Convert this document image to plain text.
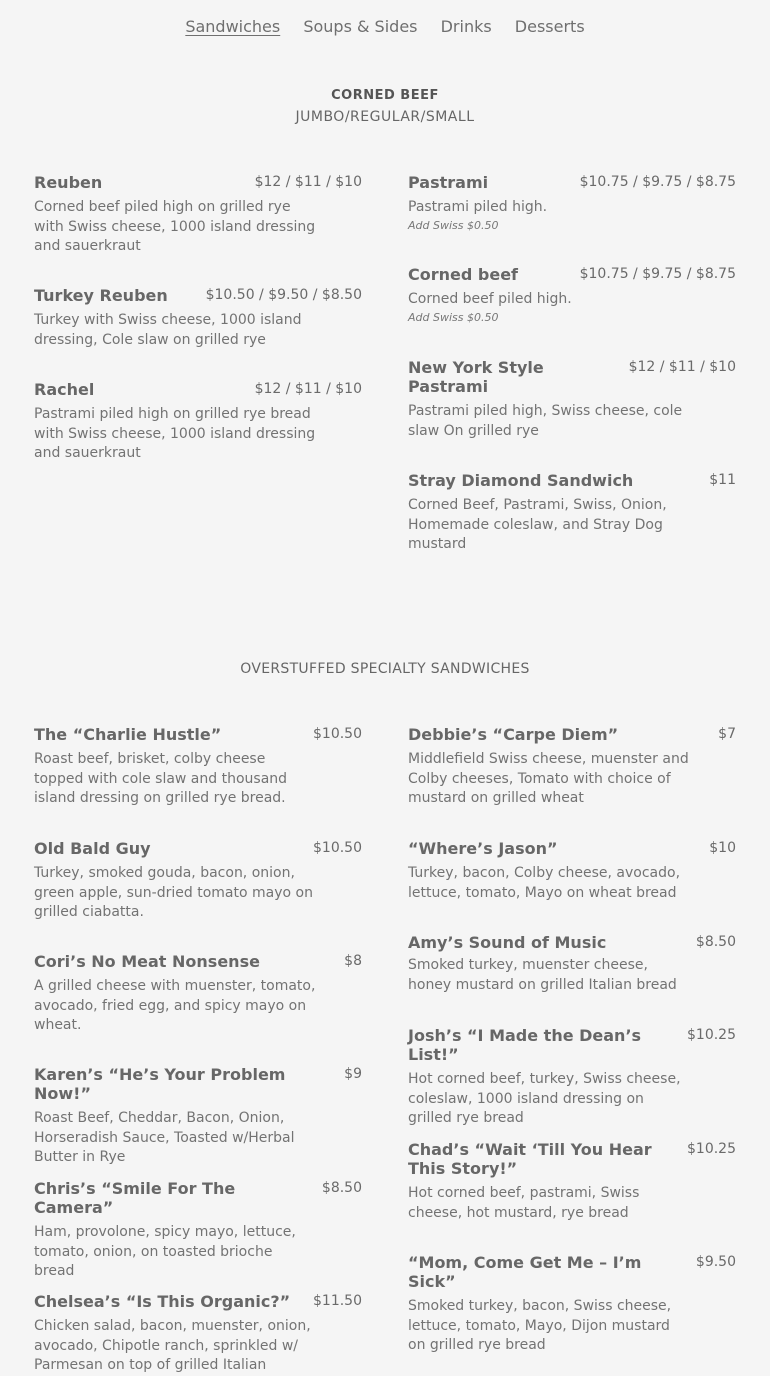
Sandwiches Soups & Sides Drinks Desserts
CORNED BEEF
JUMBO/REGULAR/SMALL
Reuben	$12 / $11 / $10
Corned beef piled high on grilled rye with Swiss cheese, 1000 island dressing and sauerkraut
Turkey Reuben	$10.50 / $9.50 / $8.50
Turkey with Swiss cheese, 1000 island dressing, Cole slaw on grilled rye
Rachel	$12 / $11 / $10
Pastrami piled high on grilled rye bread with Swiss cheese, 1000 island dressing and sauerkraut
Pastrami	$10.75 / $9.75 / $8.75
Pastrami piled high.
Add Swiss $0.50
Corned beef	$10.75 / $9.75 / $8.75
Corned beef piled high.
Add Swiss $0.50
New York Style Pastrami
$12 / $11 / $10
Pastrami piled high, Swiss cheese, cole slaw On grilled rye
Stray Diamond Sandwich	$11
Corned Beef, Pastrami, Swiss, Onion, Homemade coleslaw, and Stray Dog mustard
OVERSTUFFED SPECIALTY SANDWICHES
The “Charlie Hustle”	$10.50
Roast beef, brisket, colby cheese topped with cole slaw and thousand island dressing on grilled rye bread.
Old Bald Guy	$10.50
Turkey, smoked gouda, bacon, onion, green apple, sun-dried tomato mayo on grilled ciabatta.
Cori’s No Meat Nonsense	$8
A grilled cheese with muenster, tomato, avocado, fried egg, and spicy mayo on wheat.
Karen’s “He’s Your Problem Now!”
$9
Roast Beef, Cheddar, Bacon, Onion, Horseradish Sauce, Toasted w/Herbal Butter in Rye
Chris’s “Smile For The Camera”
$8.50
Ham, provolone, spicy mayo, lettuce, tomato, onion, on toasted brioche bread
Chelsea’s “Is This Organic?”	$11.50
Chicken salad, bacon, muenster, onion, avocado, Chipotle ranch, sprinkled w/ Parmesan on top of grilled Italian
Debbie’s “Carpe Diem”	$7
Middlefield Swiss cheese, muenster and Colby cheeses, Tomato with choice of mustard on grilled wheat
“Where’s Jason”	$10
Turkey, bacon, Colby cheese, avocado, lettuce, tomato, Mayo on wheat bread
Amy’s Sound of Music	$8.50
Smoked turkey, muenster cheese, honey mustard on grilled Italian bread
Josh’s “I Made the Dean’s List!”
$10.25
Hot corned beef, turkey, Swiss cheese, coleslaw, 1000 island dressing on grilled rye bread
Chad’s “Wait ‘Till You Hear This Story!”
$10.25
Hot corned beef, pastrami, Swiss cheese, hot mustard, rye bread
“Mom, Come Get Me – I’m Sick”
$9.50
Smoked turkey, bacon, Swiss cheese, lettuce, tomato, Mayo, Dijon mustard on grilled rye bread
